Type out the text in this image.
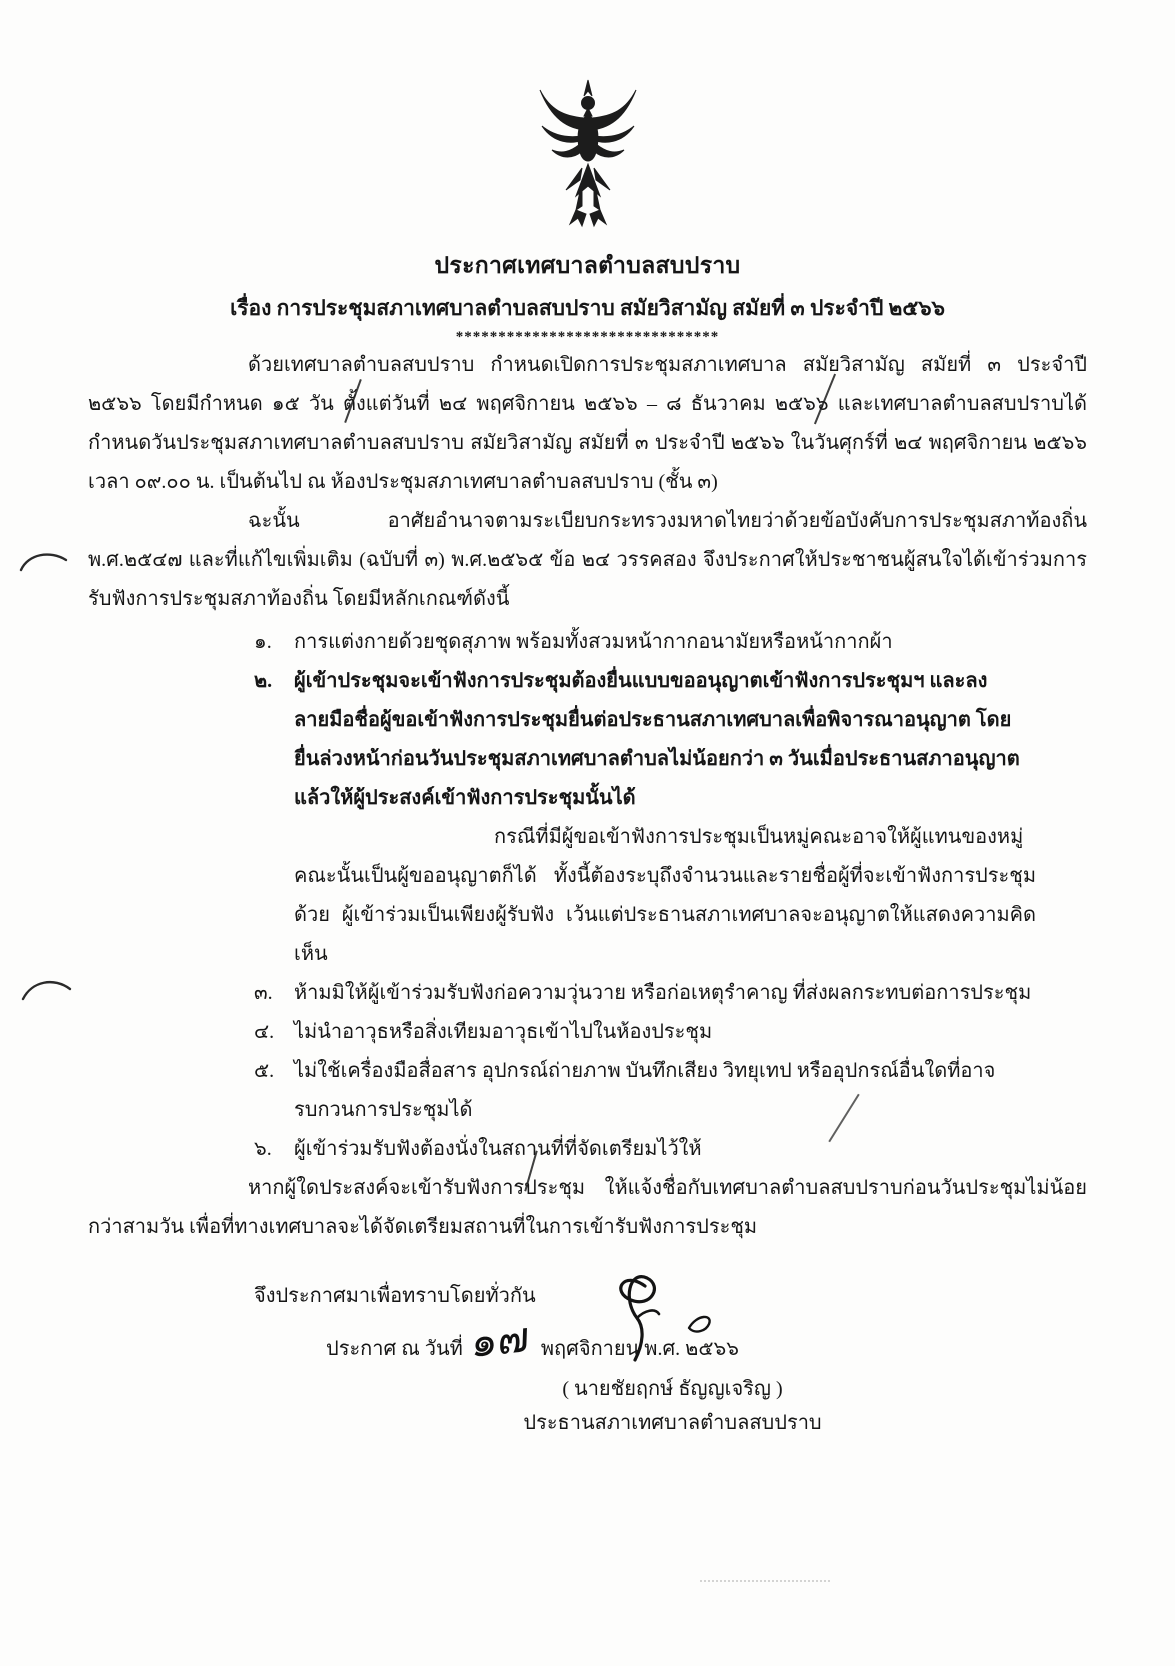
ประกาศเทศบาลตำบลสบปราบ
เรื่อง การประชุมสภาเทศบาลตำบลสบปราบ สมัยวิสามัญ สมัยที่ ๓ ประจำปี ๒๕๖๖
*******************************

ด้วยเทศบาลตำบลสบปราบ กำหนดเปิดการประชุมสภาเทศบาล สมัยวิสามัญ สมัยที่ ๓ ประจำปี ๒๕๖๖ โดยมีกำหนด ๑๕ วัน ตั้งแต่วันที่ ๒๔ พฤศจิกายน ๒๕๖๖ – ๘ ธันวาคม ๒๕๖๖ และเทศบาลตำบลสบปราบได้กำหนดวันประชุมสภาเทศบาลตำบลสบปราบ สมัยวิสามัญ สมัยที่ ๓ ประจำปี ๒๕๖๖ ในวันศุกร์ที่ ๒๔ พฤศจิกายน ๒๕๖๖ เวลา ๐๙.๐๐ น. เป็นต้นไป ณ ห้องประชุมสภาเทศบาลตำบลสบปราบ (ชั้น ๓)

ฉะนั้น อาศัยอำนาจตามระเบียบกระทรวงมหาดไทยว่าด้วยข้อบังคับการประชุมสภาท้องถิ่น พ.ศ.๒๕๔๗ และที่แก้ไขเพิ่มเติม (ฉบับที่ ๓) พ.ศ.๒๕๖๕ ข้อ ๒๔ วรรคสอง จึงประกาศให้ประชาชนผู้สนใจได้เข้าร่วมการรับฟังการประชุมสภาท้องถิ่น โดยมีหลักเกณฑ์ดังนี้

๑.	การแต่งกายด้วยชุดสุภาพ พร้อมทั้งสวมหน้ากากอนามัยหรือหน้ากากผ้า
๒.	ผู้เข้าประชุมจะเข้าฟังการประชุมต้องยื่นแบบขออนุญาตเข้าฟังการประชุมฯ และลงลายมือชื่อผู้ขอเข้าฟังการประชุมยื่นต่อประธานสภาเทศบาลเพื่อพิจารณาอนุญาต โดยยื่นล่วงหน้าก่อนวันประชุมสภาเทศบาลตำบลไม่น้อยกว่า ๓ วันเมื่อประธานสภาอนุญาตแล้วให้ผู้ประสงค์เข้าฟังการประชุมนั้นได้
กรณีที่มีผู้ขอเข้าฟังการประชุมเป็นหมู่คณะอาจให้ผู้แทนของหมู่คณะนั้นเป็นผู้ขออนุญาตก็ได้ ทั้งนี้ต้องระบุถึงจำนวนและรายชื่อผู้ที่จะเข้าฟังการประชุมด้วย ผู้เข้าร่วมเป็นเพียงผู้รับฟัง เว้นแต่ประธานสภาเทศบาลจะอนุญาตให้แสดงความคิดเห็น
๓.	ห้ามมิให้ผู้เข้าร่วมรับฟังก่อความวุ่นวาย หรือก่อเหตุรำคาญ ที่ส่งผลกระทบต่อการประชุม
๔. ไม่นำอาวุธหรือสิ่งเทียมอาวุธเข้าไปในห้องประชุม
๕. ไม่ใช้เครื่องมือสื่อสาร อุปกรณ์ถ่ายภาพ บันทึกเสียง วิทยุเทป หรืออุปกรณ์อื่นใดที่อาจรบกวนการประชุมได้
๖.	ผู้เข้าร่วมรับฟังต้องนั่งในสถานที่ที่จัดเตรียมไว้ให้

หากผู้ใดประสงค์จะเข้ารับฟังการประชุม ให้แจ้งชื่อกับเทศบาลตำบลสบปราบก่อนวันประชุมไม่น้อยกว่าสามวัน เพื่อที่ทางเทศบาลจะได้จัดเตรียมสถานที่ในการเข้ารับฟังการประชุม

จึงประกาศมาเพื่อทราบโดยทั่วกัน
ประกาศ ณ วันที่ ๑๗ พฤศจิกายน พ.ศ. ๒๕๖๖
( นายชัยฤกษ์ ธัญญเจริญ )
ประธานสภาเทศบาลตำบลสบปราบ
